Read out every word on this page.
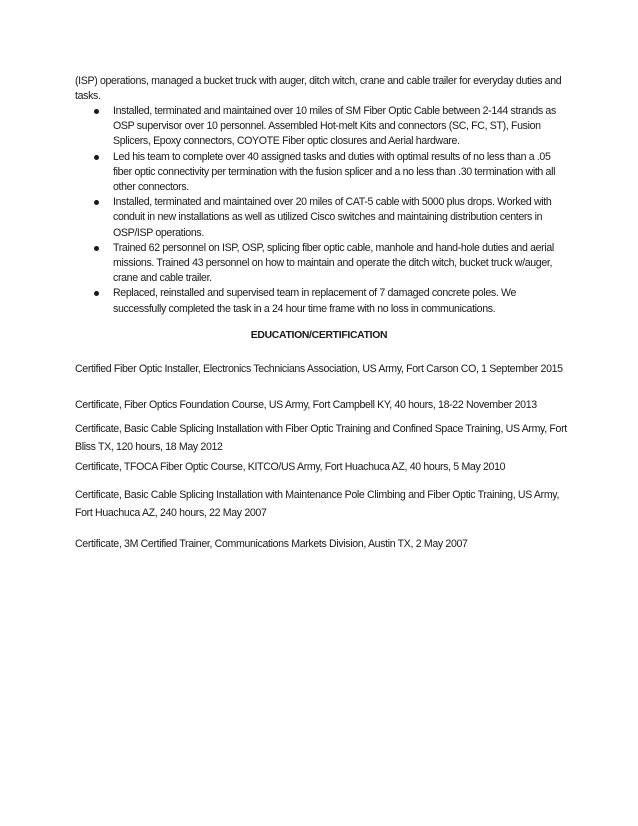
(ISP) operations, managed a bucket truck with auger, ditch witch, crane and cable trailer for everyday duties and tasks.

Installed, terminated and maintained over 10 miles of SM Fiber Optic Cable between 2-144 strands as OSP supervisor over 10 personnel. Assembled Hot-melt Kits and connectors (SC, FC, ST), Fusion Splicers, Epoxy connectors, COYOTE Fiber optic closures and Aerial hardware.
Led his team to complete over 40 assigned tasks and duties with optimal results of no less than a .05 fiber optic connectivity per termination with the fusion splicer and a no less than .30 termination with all other connectors.
Installed, terminated and maintained over 20 miles of CAT-5 cable with 5000 plus drops. Worked with conduit in new installations as well as utilized Cisco switches and maintaining distribution centers in OSP/ISP operations.
Trained 62 personnel on ISP, OSP, splicing fiber optic cable, manhole and hand-hole duties and aerial missions. Trained 43 personnel on how to maintain and operate the ditch witch, bucket truck w/auger, crane and cable trailer.
Replaced, reinstalled and supervised team in replacement of 7 damaged concrete poles. We successfully completed the task in a 24 hour time frame with no loss in communications.
EDUCATION/CERTIFICATION

Certified Fiber Optic Installer, Electronics Technicians Association, US Army, Fort Carson CO, 1 September 2015

Certificate, Fiber Optics Foundation Course, US Army, Fort Campbell KY, 40 hours, 18-22 November 2013

Certificate, Basic Cable Splicing Installation with Fiber Optic Training and Confined Space Training, US Army, Fort Bliss TX, 120 hours, 18 May 2012

Certificate, TFOCA Fiber Optic Course, KITCO/US Army, Fort Huachuca AZ, 40 hours, 5 May 2010

Certificate, Basic Cable Splicing Installation with Maintenance Pole Climbing and Fiber Optic Training, US Army, Fort Huachuca AZ, 240 hours, 22 May 2007

Certificate, 3M Certified Trainer, Communications Markets Division, Austin TX, 2 May 2007
